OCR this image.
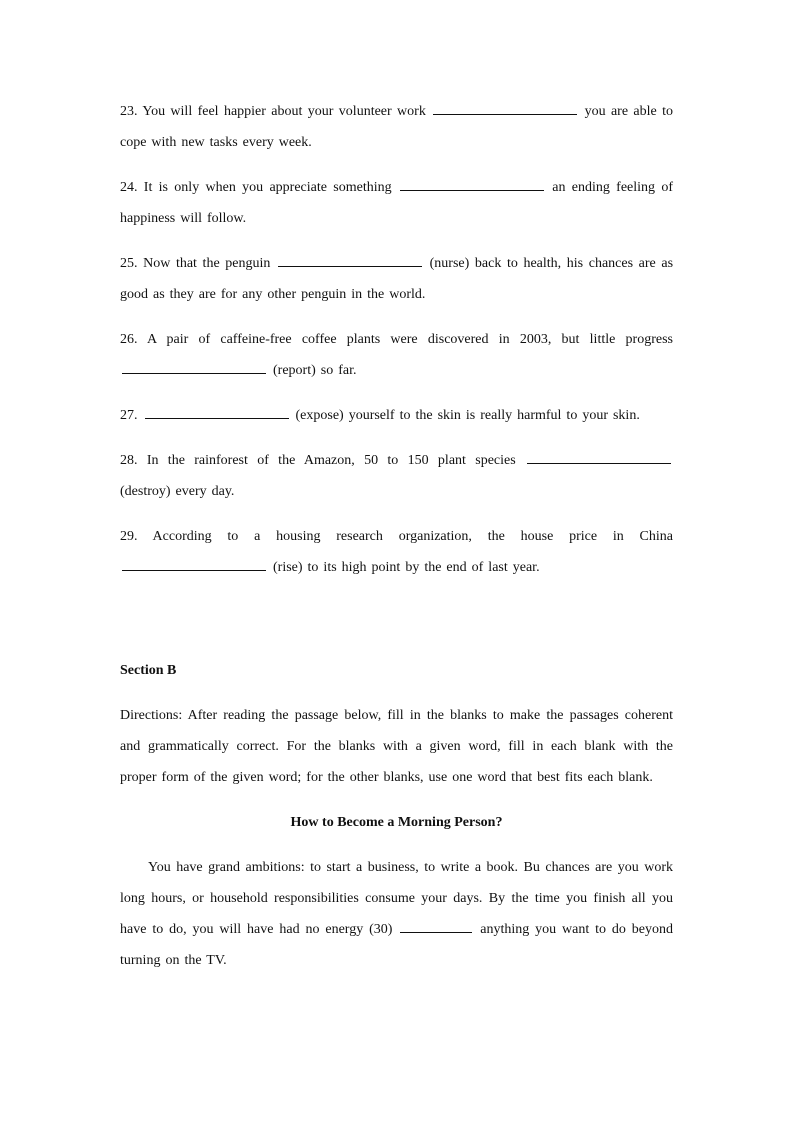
23. You will feel happier about your volunteer work	you are able to cope with new tasks every week.

24. It is only when you appreciate something	an ending feeling of happiness will follow.

25. Now that the penguin	(nurse) back to health, his chances are as good as they are for any other penguin in the world.

26. A pair of caffeine-free coffee plants were discovered in 2003, but little progress  (report) so far.

27.	(expose) yourself to the skin is really harmful to your skin.

28. In the rainforest of the Amazon, 50 to 150 plant species  (destroy) every day.

29. According to a housing research organization, the house price in China  (rise) to its high point by the end of last year.

Section B

Directions: After reading the passage below, fill in the blanks to make the passages coherent and grammatically correct. For the blanks with a given word, fill in each blank with the proper form of the given word; for the other blanks, use one word that best fits each blank.

How to Become a Morning Person?

You have grand ambitions: to start a business, to write a book. Bu chances are you work long hours, or household responsibilities consume your days. By the time you finish all you have to do, you will have had no energy (30)	anything you want to do beyond turning on the TV.
